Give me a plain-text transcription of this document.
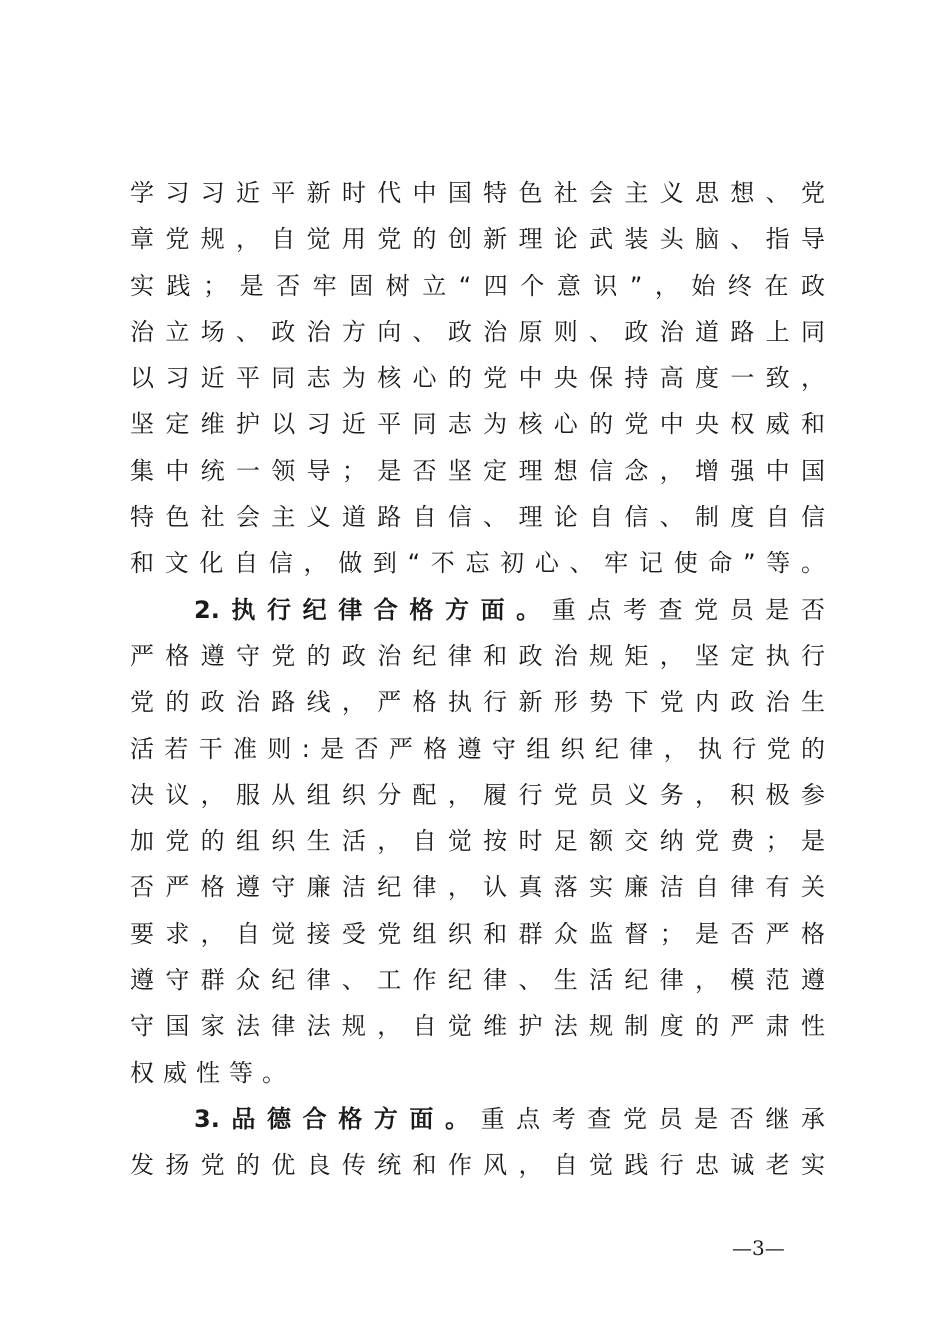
学 习 习 近 平 新 时 代 中 国 特 色 社 会 主 义 思 想 、 党
章 党 规 ， 自 觉 用 党 的 创 新 理 论 武 装 头 脑 、 指 导
实 践 ； 是 否 牢 固 树 立 “ 四 个 意 识 ” ， 始 终 在 政
治 立 场 、 政 治 方 向 、 政 治 原 则 、 政 治 道 路 上 同
以 习 近 平 同 志 为 核 心 的 党 中 央 保 持 高 度 一 致 ，
坚 定 维 护 以 习 近 平 同 志 为 核 心 的 党 中 央 权 威 和
集 中 统 一 领 导 ； 是 否 坚 定 理 想 信 念 ， 增 强 中 国
特 色 社 会 主 义 道 路 自 信 、 理 论 自 信 、 制 度 自 信
和 文 化 自 信 ， 做 到 “ 不 忘 初 心 、 牢 记 使 命 ” 等 。
2. 执 行 纪 律 合 格 方 面 。 重 点 考 查 党 员 是 否
严 格 遵 守 党 的 政 治 纪 律 和 政 治 规 矩 ， 坚 定 执 行
党 的 政 治 路 线 ， 严 格 执 行 新 形 势 下 党 内 政 治 生
活 若 干 准 则 : 是 否 严 格 遵 守 组 织 纪 律 ， 执 行 党 的
决 议 ， 服 从 组 织 分 配 ， 履 行 党 员 义 务 ， 积 极 参
加 党 的 组 织 生 活 ， 自 觉 按 时 足 额 交 纳 党 费 ； 是
否 严 格 遵 守 廉 洁 纪 律 ， 认 真 落 实 廉 洁 自 律 有 关
要 求 ， 自 觉 接 受 党 组 织 和 群 众 监 督 ； 是 否 严 格
遵 守 群 众 纪 律 、 工 作 纪 律 、 生 活 纪 律 ， 模 范 遵
守 国 家 法 律 法 规 ， 自 觉 维 护 法 规 制 度 的 严 肃 性
权威性等。
3. 品 德 合 格 方 面 。 重 点 考 查 党 员 是 否 继 承
发 扬 党 的 优 良 传 统 和 作 风 ， 自 觉 践 行 忠 诚 老 实
—3—
